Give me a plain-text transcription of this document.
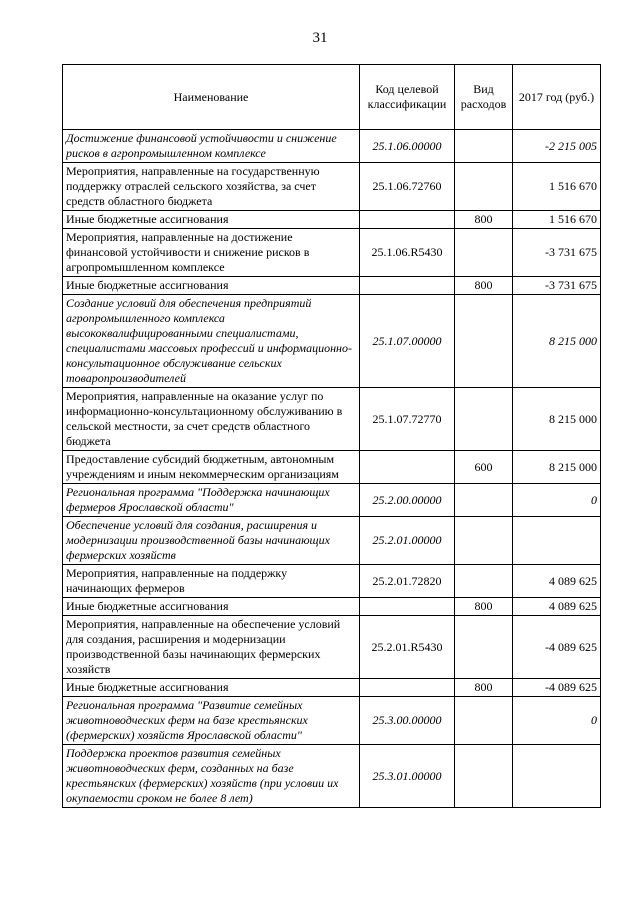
31
Наименование	Код целевой классификации	Вид расходов	2017 год (руб.)
Достижение финансовой устойчивости и снижение рисков в агропромышленном комплексе	25.1.06.00000		-2 215 005
Мероприятия, направленные на государственную поддержку отраслей сельского хозяйства, за счет средств областного бюджета	25.1.06.72760		1 516 670
Иные бюджетные ассигнования		800	1 516 670
Мероприятия, направленные на достижение финансовой устойчивости и снижение рисков в агропромышленном комплексе	25.1.06.R5430		-3 731 675
Иные бюджетные ассигнования		800	-3 731 675
Создание условий для обеспечения предприятий агропромышленного комплекса высококвалифицированными специалистами, специалистами массовых профессий и информационно-консультационное обслуживание сельских товаропроизводителей	25.1.07.00000		8 215 000
Мероприятия, направленные на оказание услуг по информационно-консультационному обслуживанию в сельской местности, за счет средств областного бюджета	25.1.07.72770		8 215 000
Предоставление субсидий бюджетным, автономным учреждениям и иным некоммерческим организациям		600	8 215 000
Региональная программа "Поддержка начинающих фермеров Ярославской области"	25.2.00.00000		0
Обеспечение условий для создания, расширения и модернизации производственной базы начинающих фермерских хозяйств	25.2.01.00000		
Мероприятия, направленные на поддержку начинающих фермеров	25.2.01.72820		4 089 625
Иные бюджетные ассигнования		800	4 089 625
Мероприятия, направленные на обеспечение условий для создания, расширения и модернизации производственной базы начинающих фермерских хозяйств	25.2.01.R5430		-4 089 625
Иные бюджетные ассигнования		800	-4 089 625
Региональная программа "Развитие семейных животноводческих ферм на базе крестьянских (фермерских) хозяйств Ярославской области"	25.3.00.00000		0
Поддержка проектов развития семейных животноводческих ферм, созданных на базе крестьянских (фермерских) хозяйств (при условии их окупаемости сроком не более 8 лет)	25.3.01.00000		
